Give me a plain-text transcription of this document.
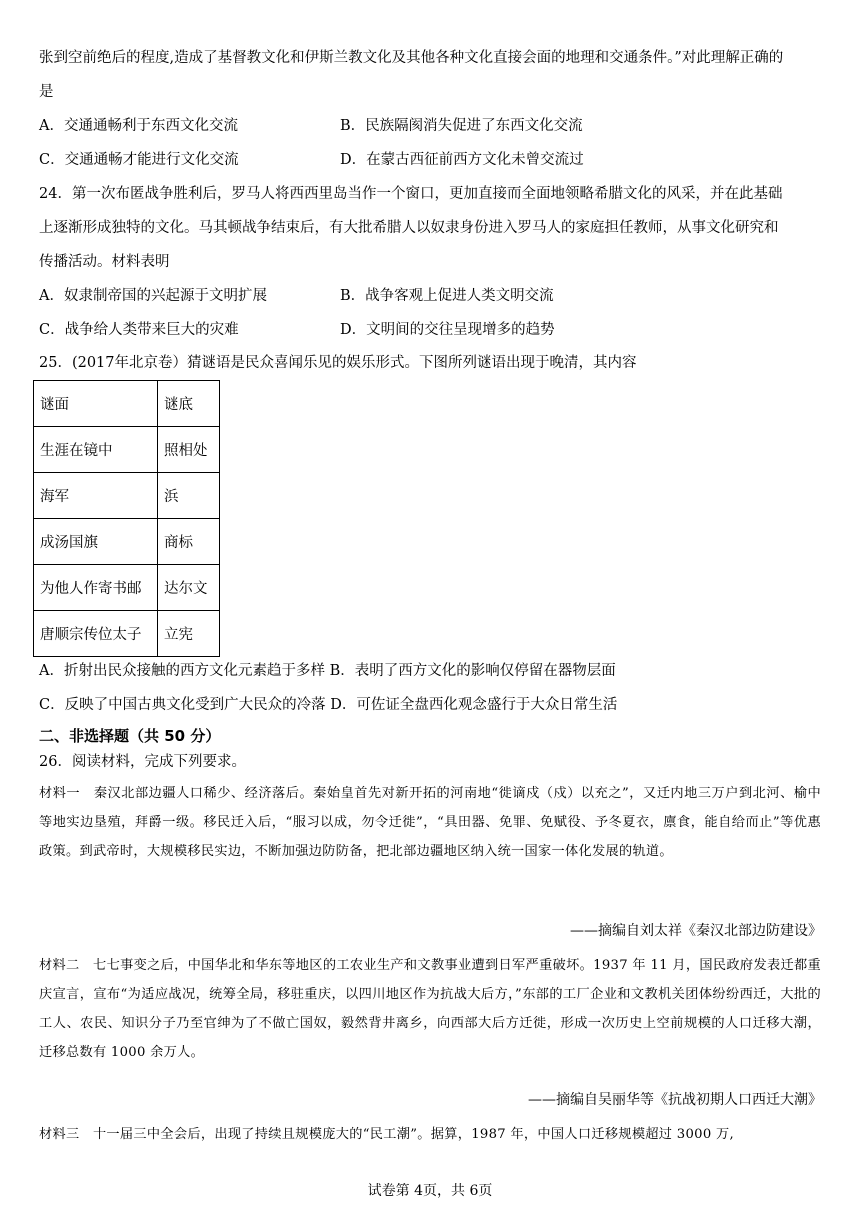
张到空前绝后的程度,造成了基督教文化和伊斯兰教文化及其他各种文化直接会面的地理和交通条件。”对此理解正确的
是
A．交通通畅利于东西文化交流	B．民族隔阂消失促进了东西文化交流
C．交通通畅才能进行文化交流	D．在蒙古西征前西方文化未曾交流过
24．第一次布匿战争胜利后，罗马人将西西里岛当作一个窗口，更加直接而全面地领略希腊文化的风采，并在此基础
上逐渐形成独特的文化。马其顿战争结束后，有大批希腊人以奴隶身份进入罗马人的家庭担任教师，从事文化研究和
传播活动。材料表明
A．奴隶制帝国的兴起源于文明扩展	B．战争客观上促进人类文明交流
C．战争给人类带来巨大的灾难	D．文明间的交往呈现增多的趋势
25．(2017年北京卷）猜谜语是民众喜闻乐见的娱乐形式。下图所列谜语出现于晚清，其内容
谜面	谜底
生涯在镜中	照相处
海军	浜
成汤国旗	商标
为他人作寄书邮	达尔文
唐顺宗传位太子	立宪
A．折射出民众接触的西方文化元素趋于多样 B．表明了西方文化的影响仅停留在器物层面
C．反映了中国古典文化受到广大民众的冷落 D．可佐证全盘西化观念盛行于大众日常生活
二、非选择题（共 50 分）
26．阅读材料，完成下列要求。

材料一　秦汉北部边疆人口稀少、经济落后。秦始皇首先对新开拓的河南地“徙谪戍（戍）以充之”，又迁内地三万户到北河、榆中等地实边垦殖，拜爵一级。移民迁入后，“服习以成，勿令迁徙”，“具田器、免罪、免赋役、予冬夏衣，廪食，能自给而止”等优惠政策。到武帝时，大规模移民实边，不断加强边防防备，把北部边疆地区纳入统一国家一体化发展的轨道。

——摘编自刘太祥《秦汉北部边防建设》

材料二　七七事变之后，中国华北和华东等地区的工农业生产和文教事业遭到日军严重破坏。1937 年 11 月，国民政府发表迁都重庆宣言，宣布“为适应战况，统筹全局，移驻重庆，以四川地区作为抗战大后方，”东部的工厂企业和文教机关团体纷纷西迁，大批的工人、农民、知识分子乃至官绅为了不做亡国奴，毅然背井离乡，向西部大后方迁徙，形成一次历史上空前规模的人口迁移大潮，迁移总数有 1000 余万人。

——摘编自吴丽华等《抗战初期人口西迁大潮》

材料三　十一届三中全会后，出现了持续且规模庞大的“民工潮”。据算，1987 年，中国人口迁移规模超过 3000 万,

试卷第 4页，共 6页
